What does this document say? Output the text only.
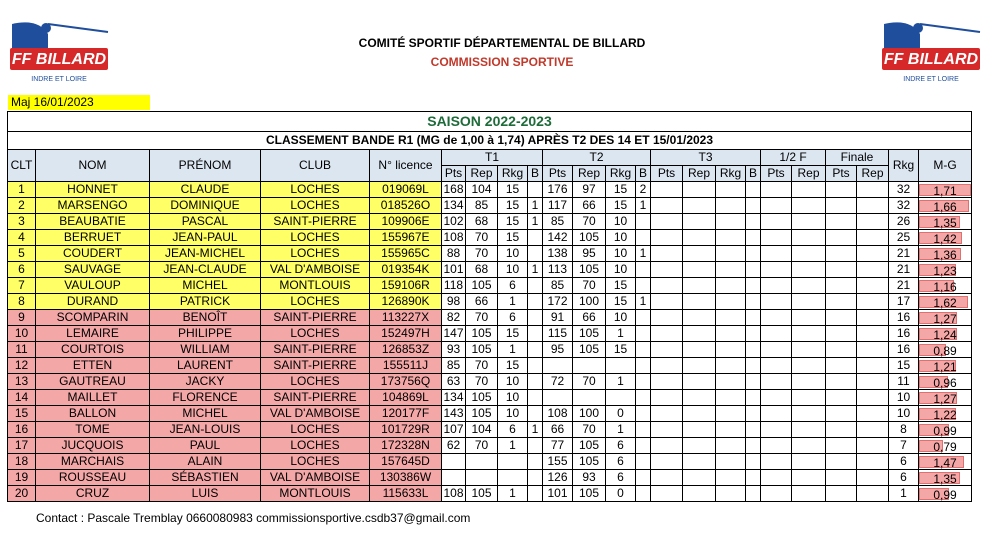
FF BILLARD
INDRE ET LOIRE
FF BILLARD
INDRE ET LOIRE
COMITÉ SPORTIF DÉPARTEMENTAL DE BILLARD
COMMISSION SPORTIVE
Maj 16/01/2023
SAISON 2022-2023																						
CLASSEMENT BANDE R1 (MG de 1,00 à 1,74) APRÈS T2 DES 14 ET 15/01/2023																						
CLT	NOM	PRÉNOM	CLUB	N° licence	T1				T2				T3				1/2 F		Finale		Rkg	M-G
					Pts	Rep	Rkg	B	Pts	Rep	Rkg	B	Pts	Rep	Rkg	B	Pts	Rep	Pts	Rep		
1	HONNET	CLAUDE	LOCHES	019069L	168	104	15		176	97	15	2									32	1,71

2	MARSENGO	DOMINIQUE	LOCHES	018526O	134	85	15	1	117	66	15	1									32	1,66

3	BEAUBATIE	PASCAL	SAINT-PIERRE	109906E	102	68	15	1	85	70	10										26	1,35

4	BERRUET	JEAN-PAUL	LOCHES	155967E	108	70	15		142	105	10										25	1,42

5	COUDERT	JEAN-MICHEL	LOCHES	155965C	88	70	10		138	95	10	1									21	1,36

6	SAUVAGE	JEAN-CLAUDE	VAL D'AMBOISE	019354K	101	68	10	1	113	105	10										21	1,23

7	VAULOUP	MICHEL	MONTLOUIS	159106R	118	105	6		85	70	15										21	1,16

8	DURAND	PATRICK	LOCHES	126890K	98	66	1		172	100	15	1									17	1,62

9	SCOMPARIN	BENOÎT	SAINT-PIERRE	113227X	82	70	6		91	66	10										16	1,27

10	LEMAIRE	PHILIPPE	LOCHES	152497H	147	105	15		115	105	1										16	1,24

11	COURTOIS	WILLIAM	SAINT-PIERRE	126853Z	93	105	1		95	105	15										16	0,89

12	ETTEN	LAURENT	SAINT-PIERRE	155511J	85	70	15														15	1,21

13	GAUTREAU	JACKY	LOCHES	173756Q	63	70	10		72	70	1										11	0,96

14	MAILLET	FLORENCE	SAINT-PIERRE	104869L	134	105	10														10	1,27

15	BALLON	MICHEL	VAL D'AMBOISE	120177F	143	105	10		108	100	0										10	1,22

16	TOME	JEAN-LOUIS	LOCHES	101729R	107	104	6	1	66	70	1										8	0,99

17	JUCQUOIS	PAUL	LOCHES	172328N	62	70	1		77	105	6										7	0,79

18	MARCHAIS	ALAIN	LOCHES	157645D					155	105	6										6	1,47

19	ROUSSEAU	SÉBASTIEN	VAL D'AMBOISE	130386W					126	93	6										6	1,35

20	CRUZ	LUIS	MONTLOUIS	115633L	108	105	1		101	105	0										1	0,99
Contact : Pascale Tremblay 0660080983 commissionsportive.csdb37@gmail.com
